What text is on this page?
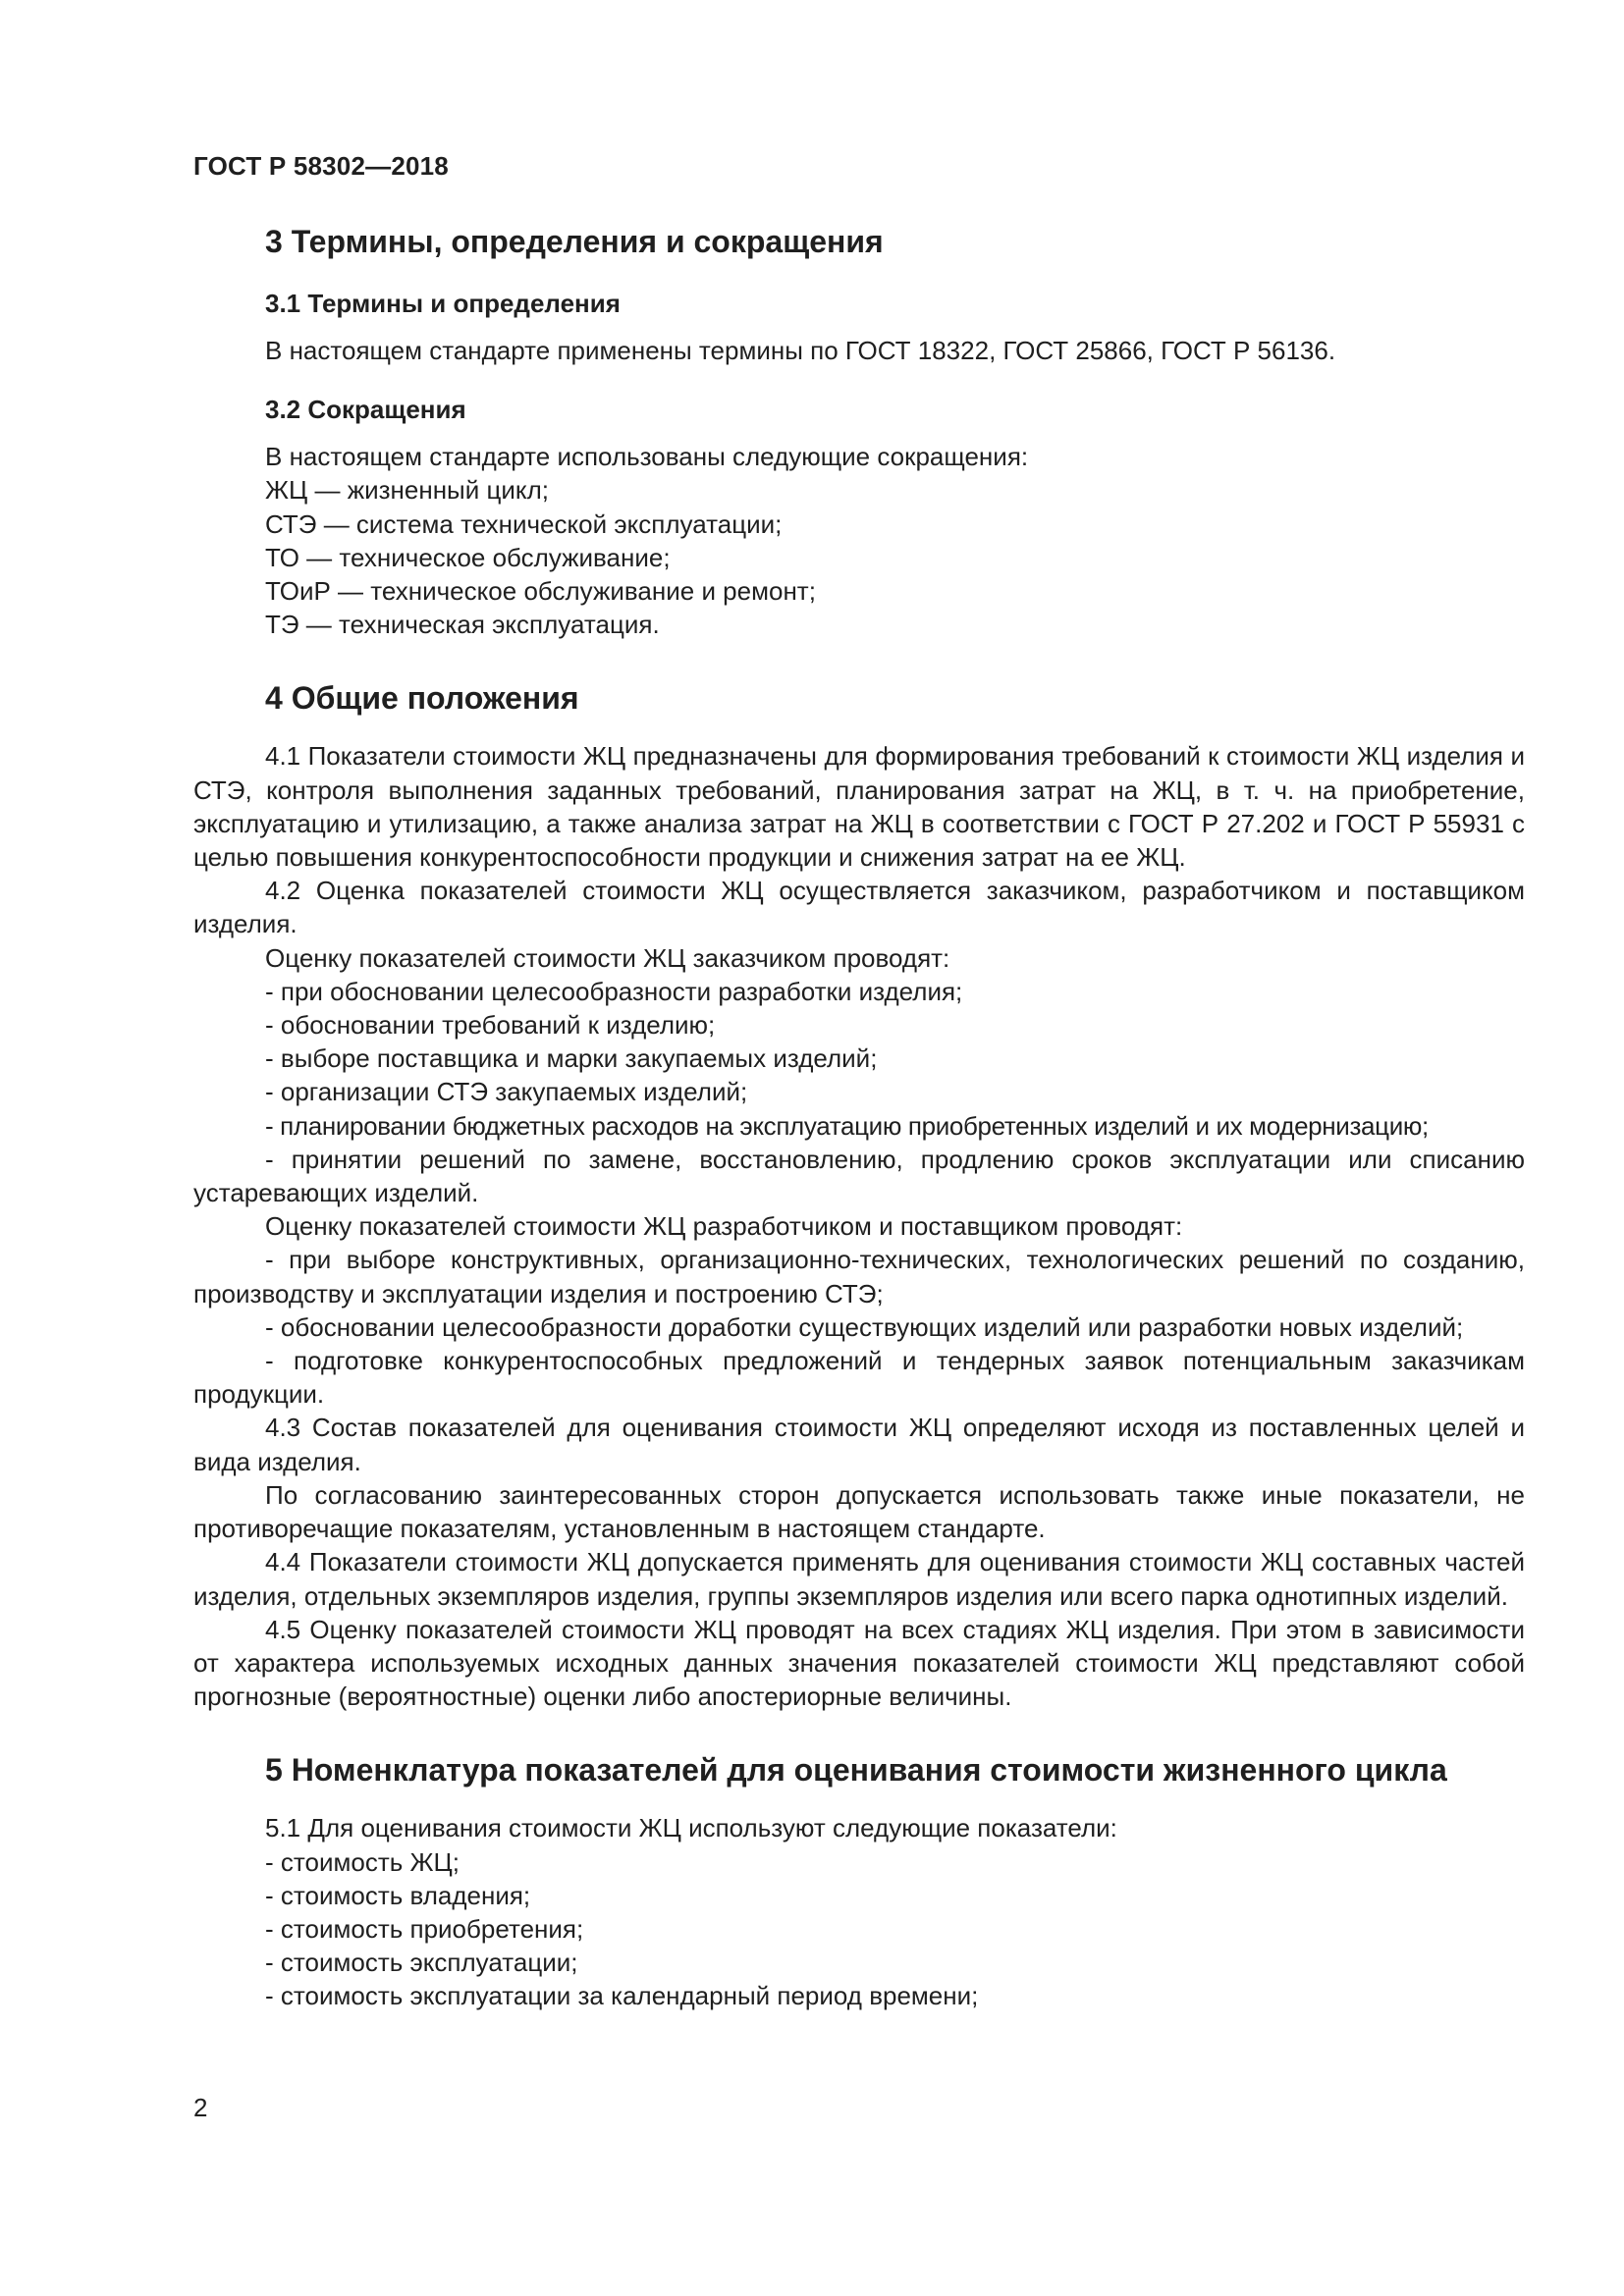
ГОСТ Р 58302—2018
3 Термины, определения и сокращения
3.1 Термины и определения

В настоящем стандарте применены термины по ГОСТ 18322, ГОСТ 25866, ГОСТ Р 56136.

3.2 Сокращения

В настоящем стандарте использованы следующие сокращения:

ЖЦ — жизненный цикл;

СТЭ — система технической эксплуатации;

ТО — техническое обслуживание;

ТОиР — техническое обслуживание и ремонт;

ТЭ — техническая эксплуатация.

4 Общие положения

4.1 Показатели стоимости ЖЦ предназначены для формирования требований к стоимости ЖЦ изделия и СТЭ, контроля выполнения заданных требований, планирования затрат на ЖЦ, в т. ч. на приобретение, эксплуатацию и утилизацию, а также анализа затрат на ЖЦ в соответствии с ГОСТ Р 27.202 и ГОСТ Р 55931 с целью повышения конкурентоспособности продукции и снижения затрат на ее ЖЦ.

4.2 Оценка показателей стоимости ЖЦ осуществляется заказчиком, разработчиком и поставщиком изделия.

Оценку показателей стоимости ЖЦ заказчиком проводят:

- при обосновании целесообразности разработки изделия;

- обосновании требований к изделию;

- выборе поставщика и марки закупаемых изделий;

- организации СТЭ закупаемых изделий;

- планировании бюджетных расходов на эксплуатацию приобретенных изделий и их модернизацию;

- принятии решений по замене, восстановлению, продлению сроков эксплуатации или списанию устаревающих изделий.

Оценку показателей стоимости ЖЦ разработчиком и поставщиком проводят:

- при выборе конструктивных, организационно-технических, технологических решений по созданию, производству и эксплуатации изделия и построению СТЭ;

- обосновании целесообразности доработки существующих изделий или разработки новых изделий;

- подготовке конкурентоспособных предложений и тендерных заявок потенциальным заказчикам продукции.

4.3 Состав показателей для оценивания стоимости ЖЦ определяют исходя из поставленных целей и вида изделия.

По согласованию заинтересованных сторон допускается использовать также иные показатели, не противоречащие показателям, установленным в настоящем стандарте.

4.4 Показатели стоимости ЖЦ допускается применять для оценивания стоимости ЖЦ составных частей изделия, отдельных экземпляров изделия, группы экземпляров изделия или всего парка однотипных изделий.

4.5 Оценку показателей стоимости ЖЦ проводят на всех стадиях ЖЦ изделия. При этом в зависимости от характера используемых исходных данных значения показателей стоимости ЖЦ представляют собой прогнозные (вероятностные) оценки либо апостериорные величины.

5 Номенклатура показателей для оценивания стоимости жизненного цикла

5.1 Для оценивания стоимости ЖЦ используют следующие показатели:

- стоимость ЖЦ;

- стоимость владения;

- стоимость приобретения;

- стоимость эксплуатации;

- стоимость эксплуатации за календарный период времени;

2
